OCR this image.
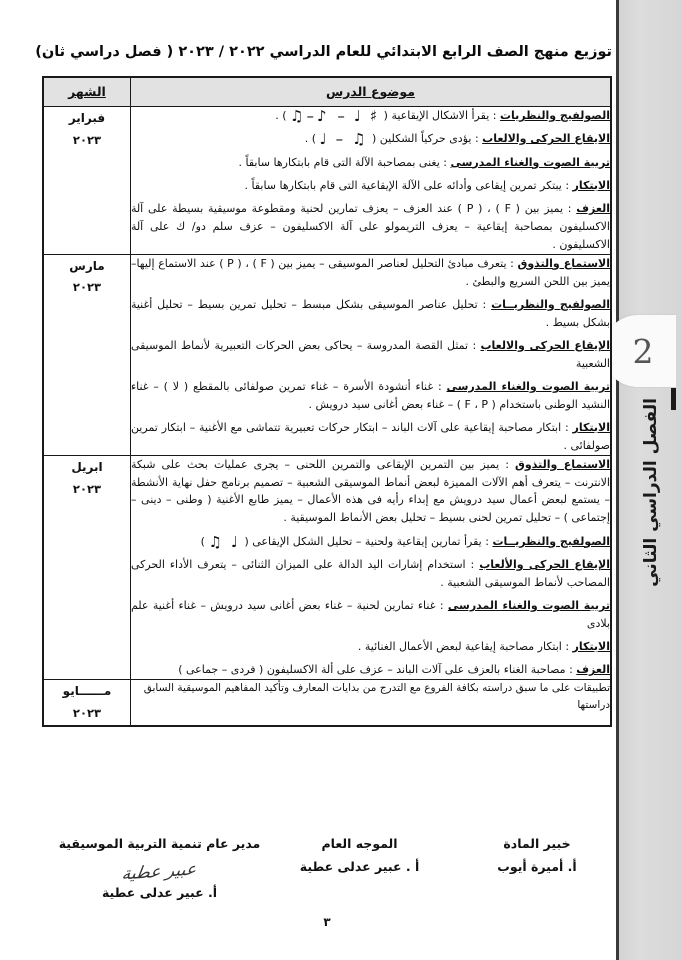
2
الفصل الدراسي الثاني
توزيع منهج الصف الرابع الابتدائي للعام الدراسي ٢٠٢٢ / ٢٠٢٣ ( فصل دراسي ثان)
موضوع الدرس	الشهر

الصولفيج والنظريات : يقرأ الاشكال الإيقاعية ( ♫–♪ – ♩ ♯ ) .
الايقاع الحركى والالعاب : يؤدى حركياً الشكلين ( ♩ – ♫ ) .
تربية الصوت والغناء المدرسى : يغنى بمصاحبة الآلة التى قام بابتكارها سابقاً .
الابتكار : يبتكر تمرين إيقاعى وأدائه على الآلة الإيقاعية التى قام بابتكارها سابقاً .
العزف : يميز بين ( F ) ، ( P ) عند العزف – يعزف تمارين لحنية ومقطوعة موسيقية بسيطة على آلة الاكسليفون بمصاحبة إيقاعية – يعزف التريمولو على آلة الاكسليفون – عزف سلم دو/ ك على آلة الاكسليفون .
	فبراير
٢٠٢٣

الاستماع والتذوق : يتعرف مبادئ التحليل لعناصر الموسيقى – يميز بين ( F ) ، ( P ) عند الاستماع إليها– يميز بين اللحن السريع والبطئ .
الصولفيج والنظريــات : تحليل عناصر الموسيقى بشكل مبسط – تحليل تمرين بسيط – تحليل أغنية بشكل بسيط .
الإيقاع الحركى والالعاب : تمثل القصة المدروسة – يحاكى بعض الحركات التعبيرية لأنماط الموسيقى الشعبية
تربية الصوت والغناء المدرسى : غناء أنشودة الأسرة – غناء تمرين صولفائى بالمقطع ( لا ) – غناء النشيد الوطنى باستخدام ( F ، P ) – غناء بعض أغانى سيد درويش .
الابتكار : ابتكار مصاحبة إيقاعية على آلات الباند – ابتكار حركات تعبيرية تتماشى مع الأغنية – ابتكار تمرين صولفائى .
	مارس
٢٠٢٣

الاستماع والتذوق : يميز بين التمرين الإيقاعى والتمرين اللحنى – يجرى عمليات بحث على شبكة الانترنت – يتعرف أهم الآلات المميزة لبعض أنماط الموسيقى الشعبية – تصميم برنامج حفل نهاية الأنشطة – يستمع لبعض أعمال سيد درويش مع إبداء رأيه فى هذه الأعمال – يميز طابع الأغنية ( وطنى – دينى – إجتماعى ) – تحليل تمرين لحنى بسيط – تحليل بعض الأنماط الموسيقية .
الصولفيج والنظريــات : يقرأ تمارين إيقاعية ولحنية – تحليل الشكل الإيقاعى ( ♫ ♩ )
الإيقاع الحركى والألعاب : استخدام إشارات اليد الدالة على الميزان الثنائى – يتعرف الأداء الحركى المصاحب لأنماط الموسيقى الشعبية .
تربية الصوت والغناء المدرسى : غناء تمارين لحنية – غناء بعض أغانى سيد درويش – غناء أغنية علم بلادى
الابتكار : ابتكار مصاحبة إيقاعية لبعض الأعمال الغنائية .
العزف : مصاحبة الغناء بالعزف على آلات الباند – عزف على ألة الاكسليفون ( فردى – جماعى )
	ابريل
٢٠٢٣

تطبيقات على ما سبق دراسته بكافة الفروع مع التدرج من بدايات المعارف وتأكيد المفاهيم الموسيقية السابق دراستها	مــــــايو
٢٠٢٣
خبير المادة
أ. أميرة أيوب
الموجه العام
أ . عبير عدلى عطية
مدير عام تنمية التربية الموسيقية
عبير عطية
أ. عبير عدلى عطية
٣
